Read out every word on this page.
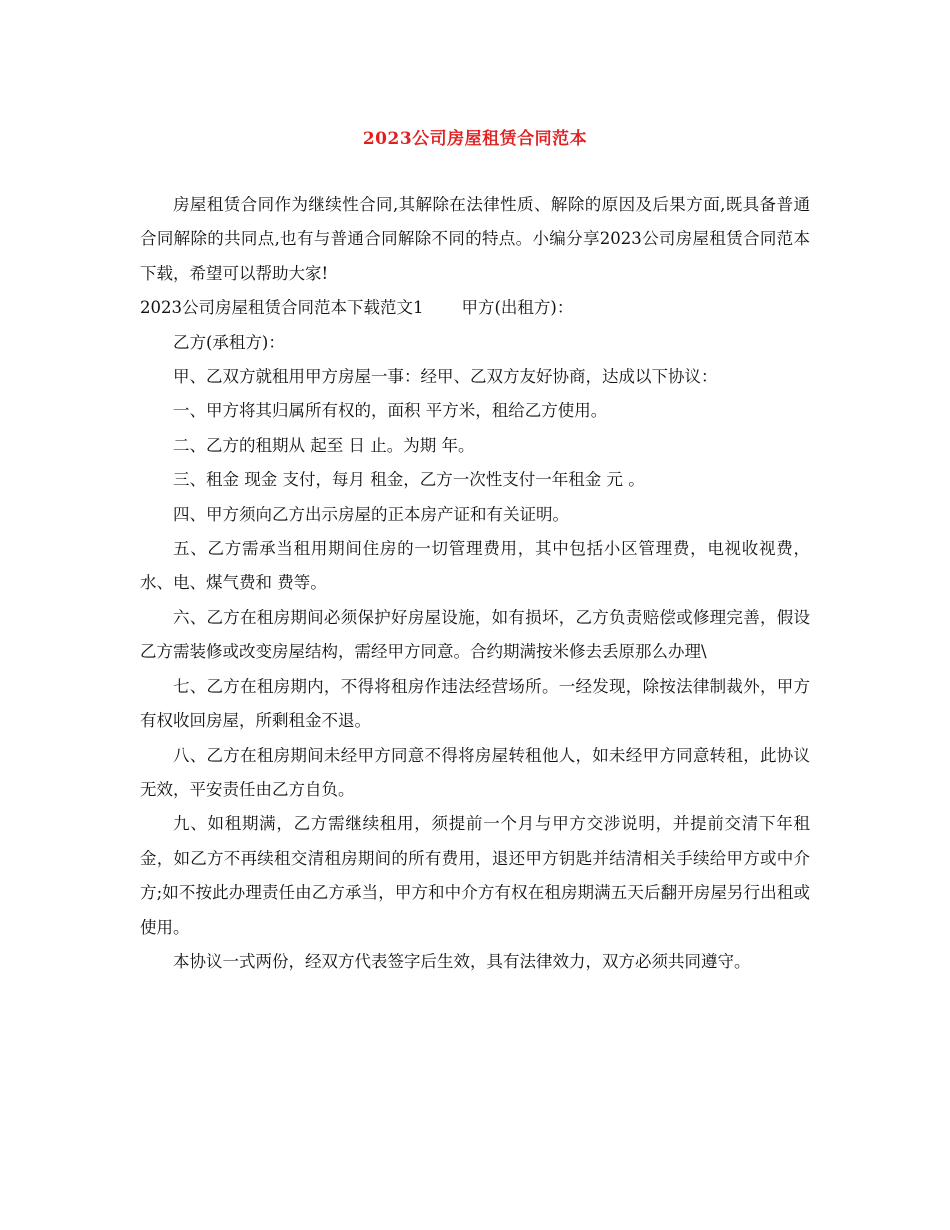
2023公司房屋租赁合同范本

房屋租赁合同作为继续性合同,其解除在法律性质、解除的原因及后果方面,既具备普通合同解除的共同点,也有与普通合同解除不同的特点。小编分享2023公司房屋租赁合同范本下载，希望可以帮助大家!

2023公司房屋租赁合同范本下载范文1 甲方(出租方)：

乙方(承租方)：

甲、乙双方就租用甲方房屋一事：经甲、乙双方友好协商，达成以下协议：

一、甲方将其归属所有权的，面积 平方米，租给乙方使用。

二、乙方的租期从 起至 日 止。为期 年。

三、租金 现金 支付，每月 租金，乙方一次性支付一年租金 元 。

四、甲方须向乙方出示房屋的正本房产证和有关证明。

五、乙方需承当租用期间住房的一切管理费用，其中包括小区管理费，电视收视费，水、电、煤气费和 费等。

六、乙方在租房期间必须保护好房屋设施，如有损坏，乙方负责赔偿或修理完善，假设乙方需装修或改变房屋结构，需经甲方同意。合约期满按米修去丢原那么办理\

七、乙方在租房期内，不得将租房作违法经营场所。一经发现，除按法律制裁外，甲方有权收回房屋，所剩租金不退。

八、乙方在租房期间未经甲方同意不得将房屋转租他人，如未经甲方同意转租，此协议无效，平安责任由乙方自负。

九、如租期满，乙方需继续租用，须提前一个月与甲方交涉说明，并提前交清下年租金，如乙方不再续租交清租房期间的所有费用，退还甲方钥匙并结清相关手续给甲方或中介方;如不按此办理责任由乙方承当，甲方和中介方有权在租房期满五天后翻开房屋另行出租或使用。

本协议一式两份，经双方代表签字后生效，具有法律效力，双方必须共同遵守。
